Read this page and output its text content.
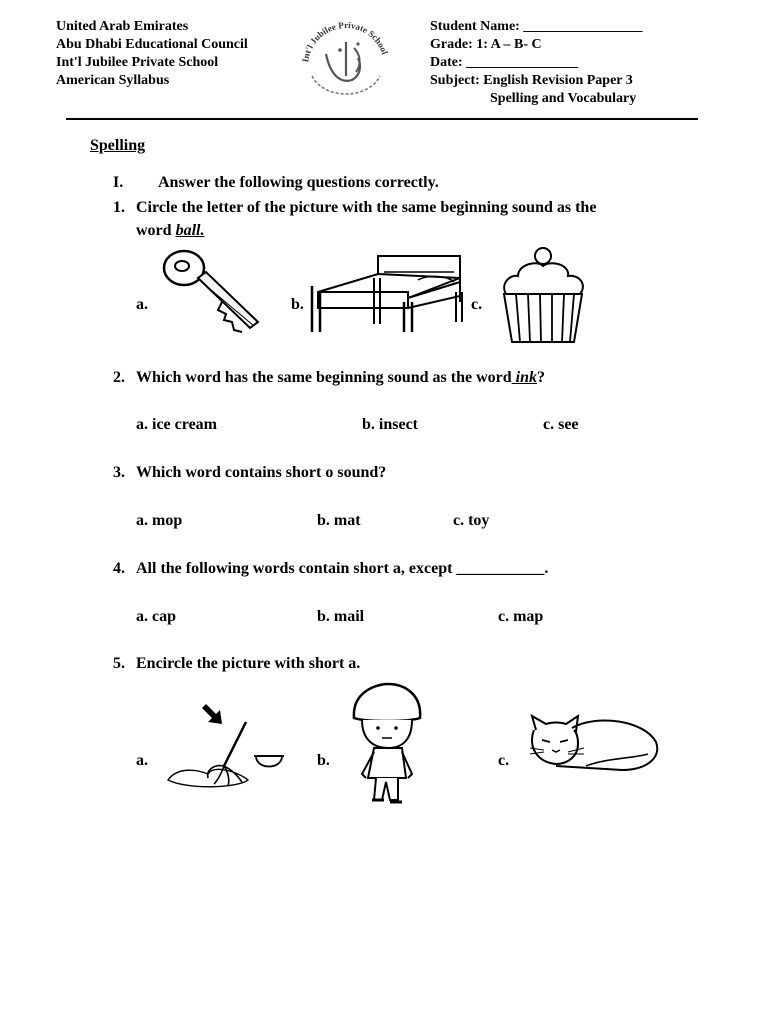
United Arab Emirates
Abu Dhabi Educational Council
Int'l Jubilee Private School
American Syllabus
Int'l Jubilee Private School
Student Name: _________________
Grade: 1: A – B- C
Date: ________________
Subject: English Revision Paper 3
Spelling and Vocabulary
Spelling
I. Answer the following questions correctly.
1. Circle the letter of the picture with the same beginning sound as the
word ball.
a.	b.	c.
2. Which word has the same beginning sound as the word ink?
a. ice cream	b. insect	c. see
3. Which word contains short o sound?
a. mop	b. mat	c. toy
4. All the following words contain short a, except ___________.
a. cap	b. mail	c. map
5. Encircle the picture with short a.
a.	b.	c.
